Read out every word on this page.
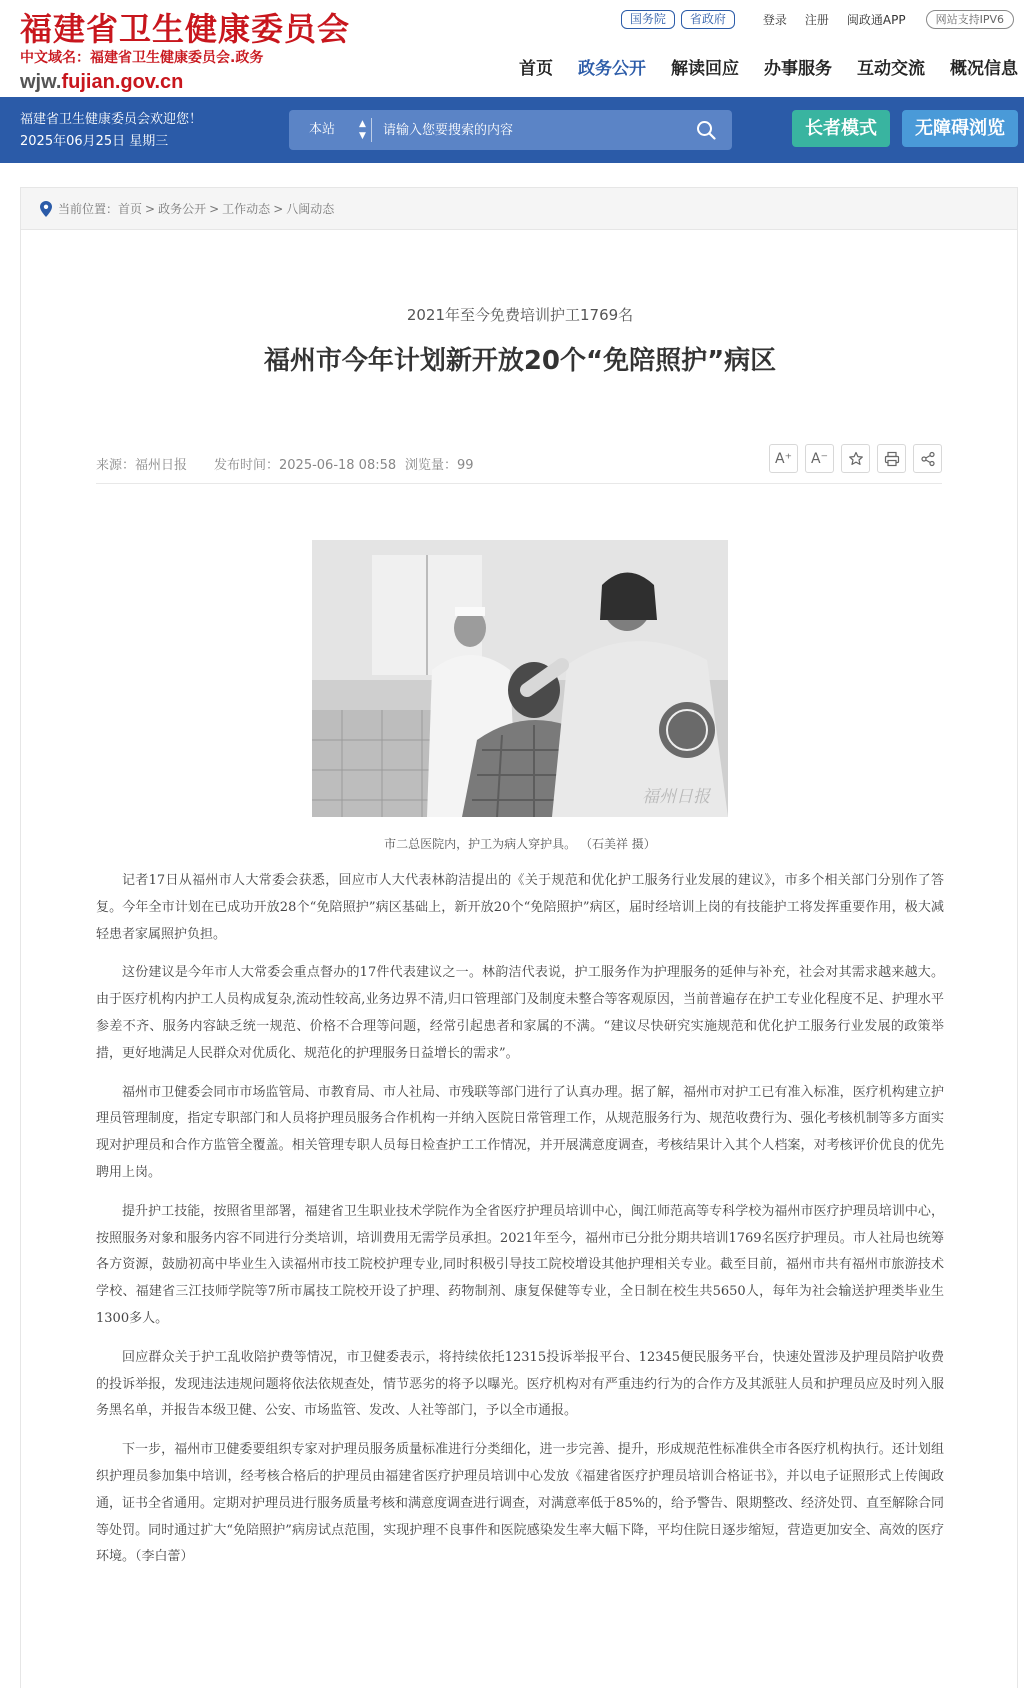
福建省卫生健康委员会
中文域名：福建省卫生健康委员会.政务
wjw.fujian.gov.cn
国务院	省政府	登录 注册 闽政通APP	网站支持IPV6
首页 政务公开 解读回应 办事服务 互动交流 概况信息
福建省卫生健康委员会欢迎您！
2025年06月25日 星期三
本站	▲
▼
请输入您要搜索的内容	长者模式	无障碍浏览
当前位置： 首页 > 政务公开 > 工作动态 > 八闽动态
2021年至今免费培训护工1769名
福州市今年计划新开放20个“免陪照护”病区
来源：福州日报 发布时间：2025-06-18 08:58 浏览量：99	A⁺	A⁻
福州日报
市二总医院内，护工为病人穿护具。 （石美祥 摄）

记者17日从福州市人大常委会获悉，回应市人大代表林韵洁提出的《关于规范和优化护工服务行业发展的建议》，市多个相关部门分别作了答复。今年全市计划在已成功开放28个“免陪照护”病区基础上，新开放20个“免陪照护”病区，届时经培训上岗的有技能护工将发挥重要作用，极大减轻患者家属照护负担。

这份建议是今年市人大常委会重点督办的17件代表建议之一。林韵洁代表说，护工服务作为护理服务的延伸与补充，社会对其需求越来越大。由于医疗机构内护工人员构成复杂,流动性较高,业务边界不清,归口管理部门及制度未整合等客观原因，当前普遍存在护工专业化程度不足、护理水平参差不齐、服务内容缺乏统一规范、价格不合理等问题，经常引起患者和家属的不满。“建议尽快研究实施规范和优化护工服务行业发展的政策举措，更好地满足人民群众对优质化、规范化的护理服务日益增长的需求”。

福州市卫健委会同市市场监管局、市教育局、市人社局、市残联等部门进行了认真办理。据了解，福州市对护工已有准入标准，医疗机构建立护理员管理制度，指定专职部门和人员将护理员服务合作机构一并纳入医院日常管理工作，从规范服务行为、规范收费行为、强化考核机制等多方面实现对护理员和合作方监管全覆盖。相关管理专职人员每日检查护工工作情况，并开展满意度调查，考核结果计入其个人档案，对考核评价优良的优先聘用上岗。

提升护工技能，按照省里部署，福建省卫生职业技术学院作为全省医疗护理员培训中心，闽江师范高等专科学校为福州市医疗护理员培训中心，按照服务对象和服务内容不同进行分类培训，培训费用无需学员承担。2021年至今，福州市已分批分期共培训1769名医疗护理员。市人社局也统筹各方资源，鼓励初高中毕业生入读福州市技工院校护理专业,同时积极引导技工院校增设其他护理相关专业。截至目前，福州市共有福州市旅游技术学校、福建省三江技师学院等7所市属技工院校开设了护理、药物制剂、康复保健等专业，全日制在校生共5650人，每年为社会输送护理类毕业生1300多人。

回应群众关于护工乱收陪护费等情况，市卫健委表示，将持续依托12315投诉举报平台、12345便民服务平台，快速处置涉及护理员陪护收费的投诉举报，发现违法违规问题将依法依规查处，情节恶劣的将予以曝光。医疗机构对有严重违约行为的合作方及其派驻人员和护理员应及时列入服务黑名单，并报告本级卫健、公安、市场监管、发改、人社等部门，予以全市通报。

下一步，福州市卫健委要组织专家对护理员服务质量标准进行分类细化，进一步完善、提升，形成规范性标准供全市各医疗机构执行。还计划组织护理员参加集中培训，经考核合格后的护理员由福建省医疗护理员培训中心发放《福建省医疗护理员培训合格证书》，并以电子证照形式上传闽政通，证书全省通用。定期对护理员进行服务质量考核和满意度调查进行调查，对满意率低于85%的，给予警告、限期整改、经济处罚、直至解除合同等处罚。同时通过扩大“免陪照护”病房试点范围，实现护理不良事件和医院感染发生率大幅下降，平均住院日逐步缩短，营造更加安全、高效的医疗环境。（李白蕾）
